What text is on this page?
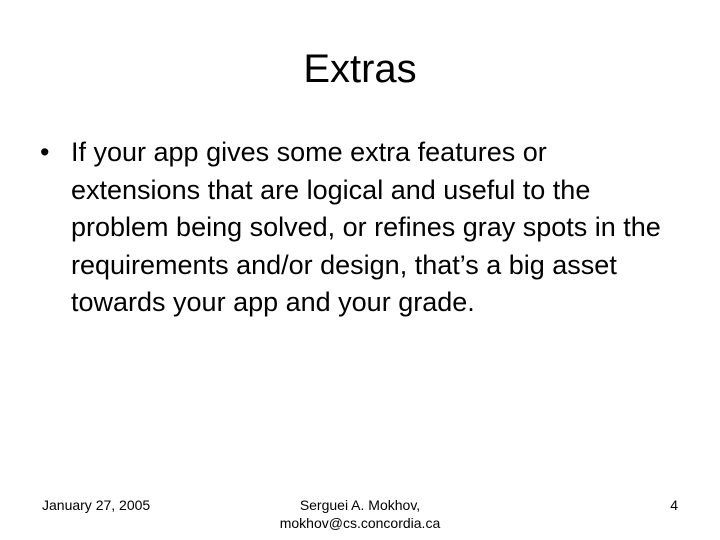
Extras
• If your app gives some extra features or extensions that are logical and useful to the problem being solved, or refines gray spots in the requirements and/or design, that’s a big asset towards your app and your grade.
January 27, 2005	Serguei A. Mokhov,
mokhov@cs.concordia.ca
4
